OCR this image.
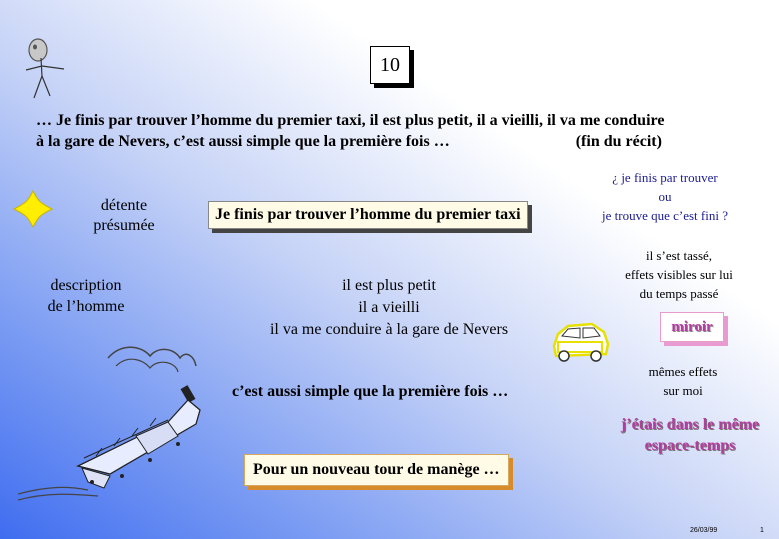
10
… Je finis par trouver l’homme du premier taxi, il est plus petit, il a vieilli, il va me conduire
à la gare de Nevers, c’est aussi simple que la première fois …	(fin du récit)
¿ je finis par trouver
ou
je trouve que c’est fini ?
détente
présumée
Je finis par trouver l’homme du premier taxi
description
de l’homme
il est plus petit
il a vieilli
il va me conduire à la gare de Nevers
il s’est tassé,
effets visibles sur lui
du temps passé
miroir
mêmes effets
sur moi
c’est aussi simple que la première fois …
j’étais dans le même
espace-temps
Pour un nouveau tour de manège …
26/03/99	1
